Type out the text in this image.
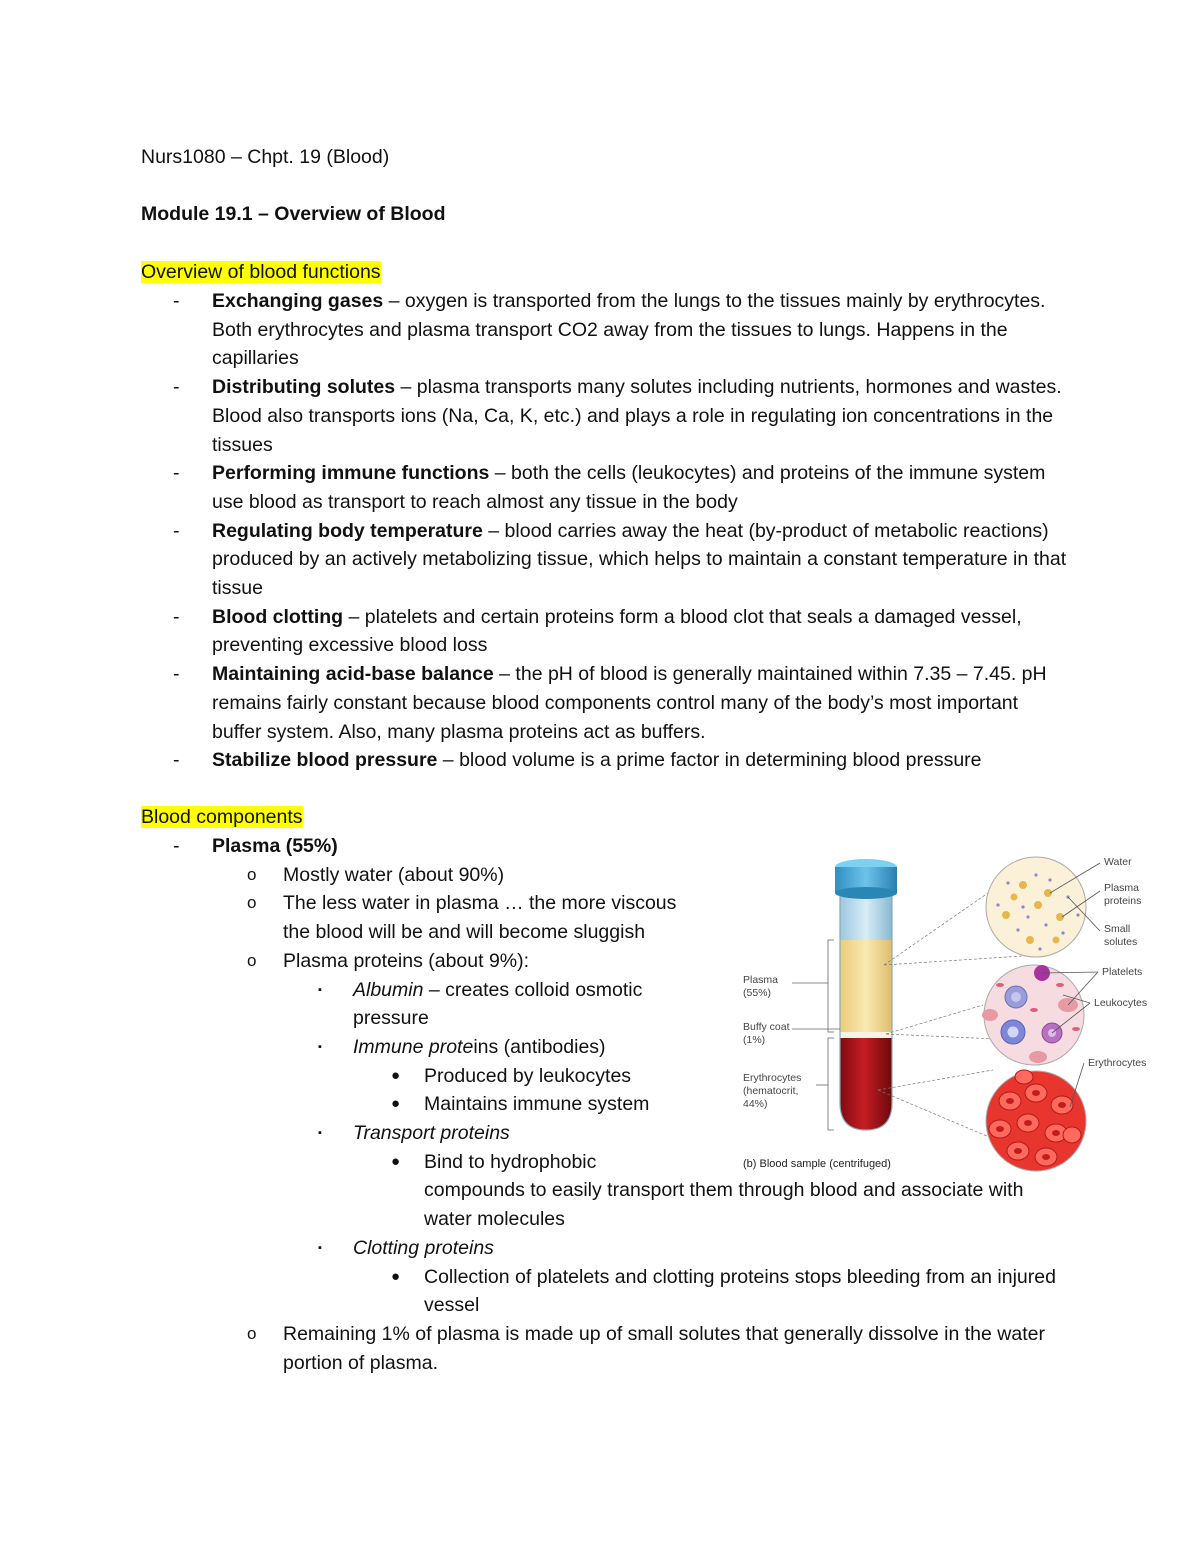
Nurs1080 – Chpt. 19 (Blood)
Module 19.1 – Overview of Blood
Overview of blood functions
- Exchanging gases – oxygen is transported from the lungs to the tissues mainly by erythrocytes. Both erythrocytes and plasma transport CO2 away from the tissues to lungs. Happens in the capillaries
- Distributing solutes – plasma transports many solutes including nutrients, hormones and wastes. Blood also transports ions (Na, Ca, K, etc.) and plays a role in regulating ion concentrations in the tissues
- Performing immune functions – both the cells (leukocytes) and proteins of the immune system use blood as transport to reach almost any tissue in the body
- Regulating body temperature – blood carries away the heat (by-product of metabolic reactions) produced by an actively metabolizing tissue, which helps to maintain a constant temperature in that tissue
- Blood clotting – platelets and certain proteins form a blood clot that seals a damaged vessel, preventing excessive blood loss
- Maintaining acid-base balance – the pH of blood is generally maintained within 7.35 – 7.45. pH remains fairly constant because blood components control many of the body’s most important buffer system. Also, many plasma proteins act as buffers.
- Stabilize blood pressure – blood volume is a prime factor in determining blood pressure
Blood components
- Plasma (55%)
o Mostly water (about 90%)
o The less water in plasma … the more viscous the blood will be and will become sluggish
o Plasma proteins (about 9%):
▪ Albumin – creates colloid osmotic pressure
▪ Immune proteins (antibodies)
● Produced by leukocytes
● Maintains immune system
▪ Transport proteins
● Bind to hydrophobic
compounds to easily transport them through blood and associate with water molecules
▪ Clotting proteins
● Collection of platelets and clotting proteins stops bleeding from an injured vessel
o Remaining 1% of plasma is made up of small solutes that generally dissolve in the water portion of plasma.
Plasma (55%)
Buffy coat (1%)
Erythrocytes (hematocrit, 44%)
(b) Blood sample (centrifuged)
Water
Plasma proteins
Small solutes
Platelets
Leukocytes
Erythrocytes
